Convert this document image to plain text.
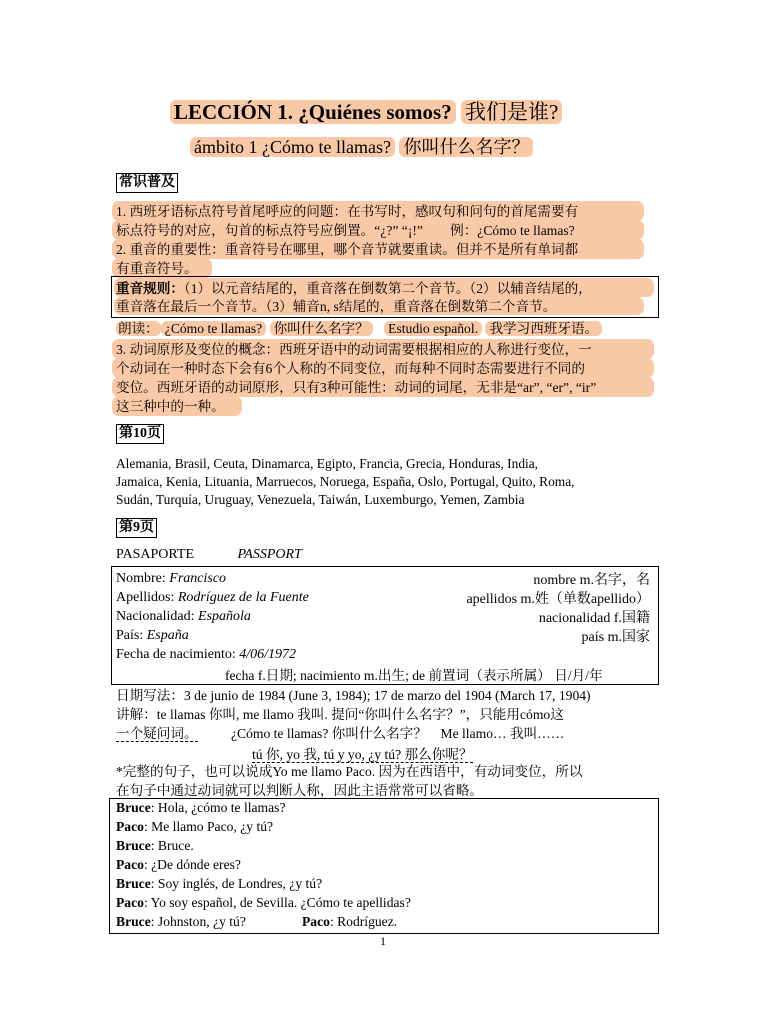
LECCIÓN 1. ¿Quiénes somos? 我们是谁?
ámbito 1 ¿Cómo te llamas? 你叫什么名字？
常识普及
1. 西班牙语标点符号首尾呼应的问题：在书写时，感叹句和问句的首尾需要有
标点符号的对应，句首的标点符号应倒置。“¿?” “¡!”　　例：¿Cómo te llamas?
2. 重音的重要性：重音符号在哪里，哪个音节就要重读。但并不是所有单词都
有重音符号。
重音规则：（1）以元音结尾的，重音落在倒数第二个音节。（2）以辅音结尾的，
重音落在最后一个音节。（3）辅音n, s结尾的，重音落在倒数第二个音节。
朗读： ¿Cómo te llamas? 你叫什么名字？ Estudio español. 我学习西班牙语。
3. 动词原形及变位的概念：西班牙语中的动词需要根据相应的人称进行变位，一
个动词在一种时态下会有6个人称的不同变位，而每种不同时态需要进行不同的
变位。西班牙语的动词原形，只有3种可能性：动词的词尾，无非是“ar”, “er”, “ir”
这三种中的一种。
第10页
Alemania, Brasil, Ceuta, Dinamarca, Egipto, Francia, Grecia, Honduras, India,
Jamaica, Kenia, Lituania, Marruecos, Noruega, España, Oslo, Portugal, Quito, Roma,
Sudán, Turquía, Uruguay, Venezuela, Taiwán, Luxemburgo, Yemen, Zambia
第9页
PASAPORTE	PASSPORT
Nombre: Francisco	nombre m.名字，名
Apellidos: Rodríguez de la Fuente	apellidos m.姓（单数apellido）
Nacionalidad: Española	nacionalidad f.国籍
País: España	país m.国家
Fecha de nacimiento: 4/06/1972
fecha f.日期; nacimiento m.出生; de 前置词（表示所属） 日/月/年
日期写法：3 de junio de 1984 (June 3, 1984); 17 de marzo del 1904 (March 17, 1904)
讲解：te llamas 你叫, me llamo 我叫. 提问“你叫什么名字？”，只能用cómo这
一个疑问词。 ¿Cómo te llamas? 你叫什么名字？　Me llamo… 我叫……
tú 你, yo 我, tú y yo, ¿y tú? 那么你呢？
*完整的句子，也可以说成Yo me llamo Paco. 因为在西语中，有动词变位，所以
在句子中通过动词就可以判断人称，因此主语常常可以省略。
Bruce: Hola, ¿cómo te llamas?
Paco: Me llamo Paco, ¿y tú?
Bruce: Bruce.
Paco: ¿De dónde eres?
Bruce: Soy inglés, de Londres, ¿y tú?
Paco: Yo soy español, de Sevilla. ¿Cómo te apellidas?
Bruce: Johnston, ¿y tú?	Paco: Rodríguez.
1
